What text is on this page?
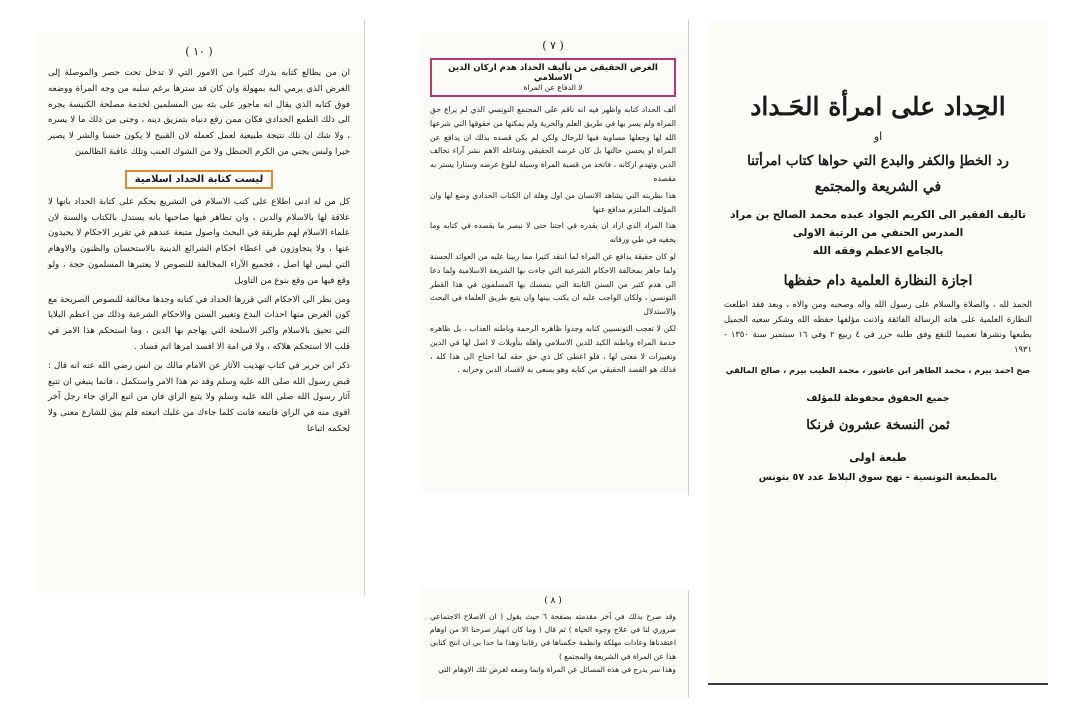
( ١٠ )

ان من يطالع كتابه يدرك كثيرا من الامور التي لا تدخل تحت حصر والموصلة إلى الغرض الذي يرمي اليه بمهولة وان كان قد سترها برغم سلبه من وجه المراة ووضعه فوق كتابه الذي يقال انه ماجور على بثه بين المسلمين لخدمة مصلحة الكنيسة يجره الى ذلك الطمع الحدادي فكان ممن رقع دنياه بتمزيق دينه ، وجنى من ذلك ما لا يسره ، ولا شك ان تلك نتيجة طبيعية لعمل كعمله لان القبيح لا يكون حسنا والشر لا يصير خيرا ولبس يجني من الكرم الحنظل ولا من الشوك العنب وتلك عاقبة الظالمين

ليست كتابة الحداد اسلامية

كل من له ادنى اطلاع على كتب الاسلام في التشريع يحكم على كتابة الحداد بانها لا علاقة لها بالاسلام والدين ، وان تظاهر فيها صاحبها بانه يستدل بالكتاب والسنة لان علماء الاسلام لهم طريقة في البحث واصول متبعة عندهم في تقرير الاحكام لا يحيدون عنها ، ولا يتجاوزون في اعطاء احكام الشرائع الدينية بالاستحسان والظنون والاوهام التي ليس لها اصل ، فجميع الآراء المخالفة للنصوص لا يعتبرها المسلمون حجة ، ولو وقع فيها من وقع بنوع من التاويل

ومن نظر الى الاحكام التي قررها الحداد في كتابه وجدها مخالفة للنصوص الصريحة مع كون الغرض منها احداث البدع وتغيير السنن والاحكام الشرعية وذلك من اعظم البلايا التي تحيق بالاسلام واكبر الاسلحة التي يهاجم بها الدين ، وما استحكم هذا الامر في قلب الا استحكم هلاكه ، ولا في امة الا افسد امرها اتم فساد .

ذكر ابن جرير في كتاب تهذيب الآثار عن الامام مالك بن انس رضي الله عنه انه قال : قبض رسول الله صلى الله عليه وسلم وقد تم هذا الامر واستكمل ، فانما ينبغي ان تتبع آثار رسول الله صلى الله عليه وسلم ولا يتبع الراي فان من اتبع الراي جاء رجل آخر اقوى منه في الراي فاتبعه فانت كلما جاءك من غلبك اتبعته فلم يبق للشارع معنى ولا لحكمه اتباعا

( ٧ )
الغرض الحقيقي من تأليف الحداد هدم اركان الدين الاسلامي
لا الدفاع عن المراة

ألف الحداد كتابه واظهر فيه انه ناقم على المجتمع التونسي الذي لم يراع حق المراة ولم يسر بها في طريق العلم والحرية ولم يمكنها من حقوقها التي شرعها الله لها وجعلها مساوية فيها للرجال ولكن لم يكن قصده بذلك ان يدافع عن المراة او يحسن حالتها بل كان غرضه الحقيقي وشاغله الاهم نشر آراء تخالف الدين وتهدم اركانه ، فاتخذ من قضية المراة وسيلة لبلوغ غرضه وستارا يستر به مقصده

هذا نظريته التي يشاهد الانسان من اول وهلة ان الكتاب الحدادي وضع لها وان المؤلف الملتزم مدافع عنها

هذا المراد الذي اراد ان يقدره في اجتنا حتى لا نبصر ما يقصده في كتابه وما يخفيه في طي ورقاته

لو كان حقيقة يدافع عن المراة لما انتقد كثيرا مما ربينا عليه من العوائد الحسنة ولما جاهر بمخالفة الاحكام الشرعية التي جاءت بها الشريعة الاسلامية ولما دعا الى هدم كثير من السنن الثابتة التي يتمسك بها المسلمون في هذا القطر التونسي ، ولكان الواجب عليه ان يكتب بينها وان يتبع طريق العلماء في البحث والاستدلال

لكن لا تعجب التونسيين كتابه وجدوا ظاهره الرحمة وباطنه العذاب ، بل ظاهره خدمة المراة وباطنه الكيد للدين الاسلامي واهله بتأويلات لا اصل لها في الدين وتغييرات لا معنى لها ، فلو اعطى كل ذي حق حقه لما احتاج الى هذا كله ، فذلك هو القصد الحقيقي من كتابه وهو يسعى به لافساد الدين وخرابه .

( ٨ )

وقد صرح بذلك في آخر مقدمته بصفحة ٦ حيث يقول ( ان الاصلاح الاجتماعي ضروري لنا في علاج وجوه الحياة ) ثم قال ( وما كان انهيار صرحنا الا من اوهام اعتقدناها وعادات مهلكة وانظمة حكمناها في رقابنا وهذا ما حدا بي ان انتج كتابي هذا عن المراة في الشريعة والمجتمع )

وهذا سر يدرج في هذه المسائل عن المراة وانما وضعه لغرض تلك الاوهام التي

الحِداد على امرأة الحَـداد
او
رد الخطإ والكفر والبدع التي حواها كتاب امرأتنا
في الشريعة والمجتمع
تاليف الفقير الى الكريم الجواد عبده محمد الصالح بن مراد
المدرس الحنفي من الرتبة الاولى
بالجامع الاعظم وفقه الله
اجازة النظارة العلمية دام حفظها
الحمد لله ، والصلاة والسلام على رسول الله واله وصحبه ومن والاه ، وبعد فقد اطلعت النظارة العلمية على هاته الرسالة الفائقة واذنت مؤلفها حفظه الله وشكر سعيه الجميل بطبعها ونشرها تعميما للنفع وفق طلبه حرر في ٤ ربيع ٢ وفي ١٦ سبتمبر سنة ١٣٥٠ - ١٩٣١
صح احمد بيرم ، محمد الطاهر ابن عاشور ، محمد الطيب بيرم ، صالح المالقي
جميع الحقوق محفوظة للمؤلف
ثمن النسخة عشرون فرنكا
طبعة اولى
بالمطبعة التونسية - نهج سوق البلاط عدد ٥٧ بتونس
